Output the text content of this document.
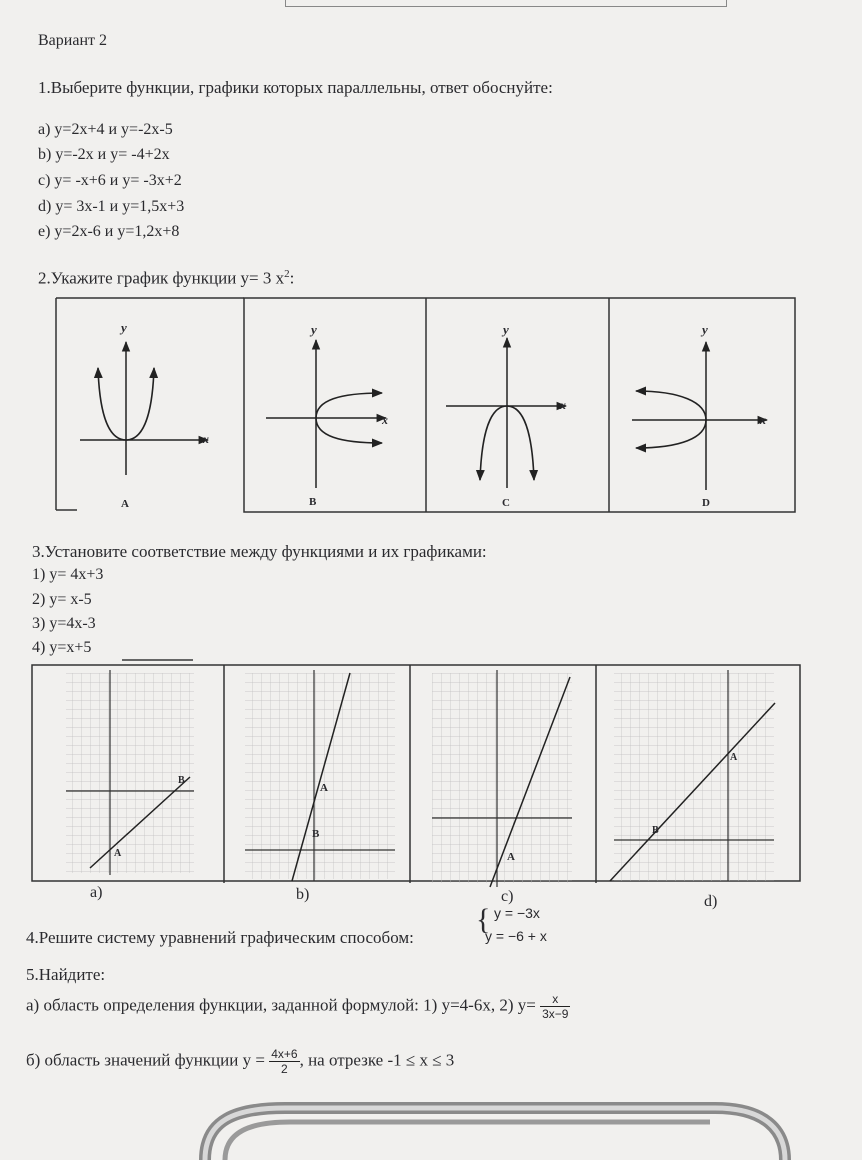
Вариант 2
1.Выберите функции, графики которых параллельны, ответ обоснуйте:
а) y=2x+4 и y=-2x-5
b) y=-2x и y= -4+2x
c) y= -x+6 и y= -3x+2
d) y= 3x-1 и y=1,5x+3
e) y=2x-6 и y=1,2x+8
2.Укажите график функции y= 3 $x^2$:
y
x
A
y
x
B
y
x
C
y
x
D
3.Установите соответствие между функциями и их графиками:
1) y= 4x+3
2) y= x-5
3) y=4x-3
4) y=x+5
B
A
A
B
A
A
B
a)	b)	c)	d)
4.Решите систему уравнений графическим способом:
{ y = −3x
y = −6 + x
5.Найдите:
а) область определения функции, заданной формулой: 1) y=4-6x, 2) $y= \frac{x}{3x-9}$
б) область значений функции $y = \frac{4x+6}{2}$ , на отрезке -1 ≤ x ≤ 3
